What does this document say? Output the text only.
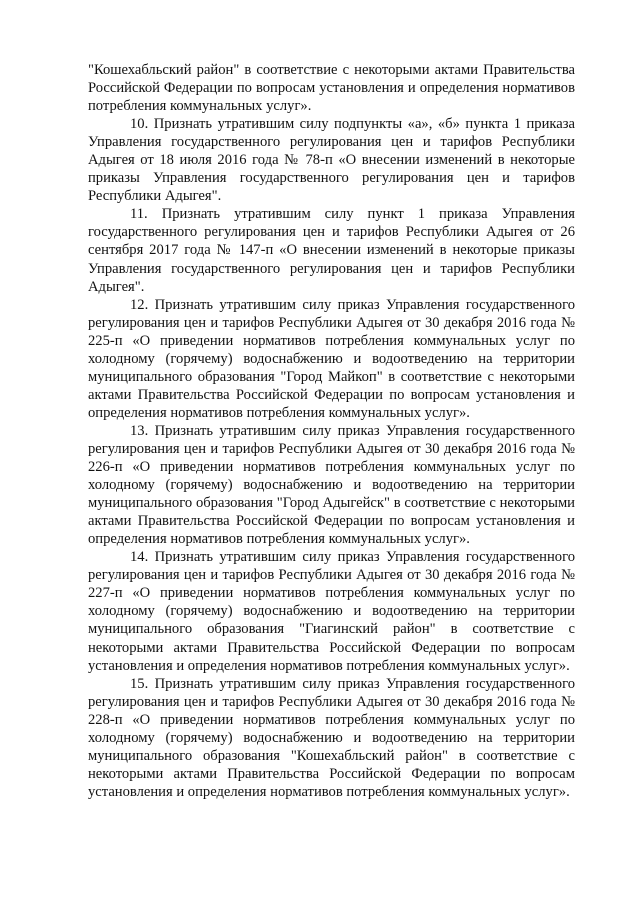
"Кошехабльский район" в соответствие с некоторыми актами Правительства Российской Федерации по вопросам установления и определения нормативов потребления коммунальных услуг».

10. Признать утратившим силу подпункты «а», «б» пункта 1 приказа Управления государственного регулирования цен и тарифов Республики Адыгея от 18 июля 2016 года № 78-п «О внесении изменений в некоторые приказы Управления государственного регулирования цен и тарифов Республики Адыгея".

11. Признать утратившим силу пункт 1 приказа Управления государственного регулирования цен и тарифов Республики Адыгея от 26 сентября 2017 года № 147-п «О внесении изменений в некоторые приказы Управления государственного регулирования цен и тарифов Республики Адыгея".

12. Признать утратившим силу приказ Управления государственного регулирования цен и тарифов Республики Адыгея от 30 декабря 2016 года № 225-п «О приведении нормативов потребления коммунальных услуг по холодному (горячему) водоснабжению и водоотведению на территории муниципального образования "Город Майкоп" в соответствие с некоторыми актами Правительства Российской Федерации по вопросам установления и определения нормативов потребления коммунальных услуг».

13. Признать утратившим силу приказ Управления государственного регулирования цен и тарифов Республики Адыгея от 30 декабря 2016 года № 226-п «О приведении нормативов потребления коммунальных услуг по холодному (горячему) водоснабжению и водоотведению на территории муниципального образования "Город Адыгейск" в соответствие с некоторыми актами Правительства Российской Федерации по вопросам установления и определения нормативов потребления коммунальных услуг».

14. Признать утратившим силу приказ Управления государственного регулирования цен и тарифов Республики Адыгея от 30 декабря 2016 года № 227-п «О приведении нормативов потребления коммунальных услуг по холодному (горячему) водоснабжению и водоотведению на территории муниципального образования "Гиагинский район" в соответствие с некоторыми актами Правительства Российской Федерации по вопросам установления и определения нормативов потребления коммунальных услуг».

15. Признать утратившим силу приказ Управления государственного регулирования цен и тарифов Республики Адыгея от 30 декабря 2016 года № 228-п «О приведении нормативов потребления коммунальных услуг по холодному (горячему) водоснабжению и водоотведению на территории муниципального образования "Кошехабльский район" в соответствие с некоторыми актами Правительства Российской Федерации по вопросам установления и определения нормативов потребления коммунальных услуг».
